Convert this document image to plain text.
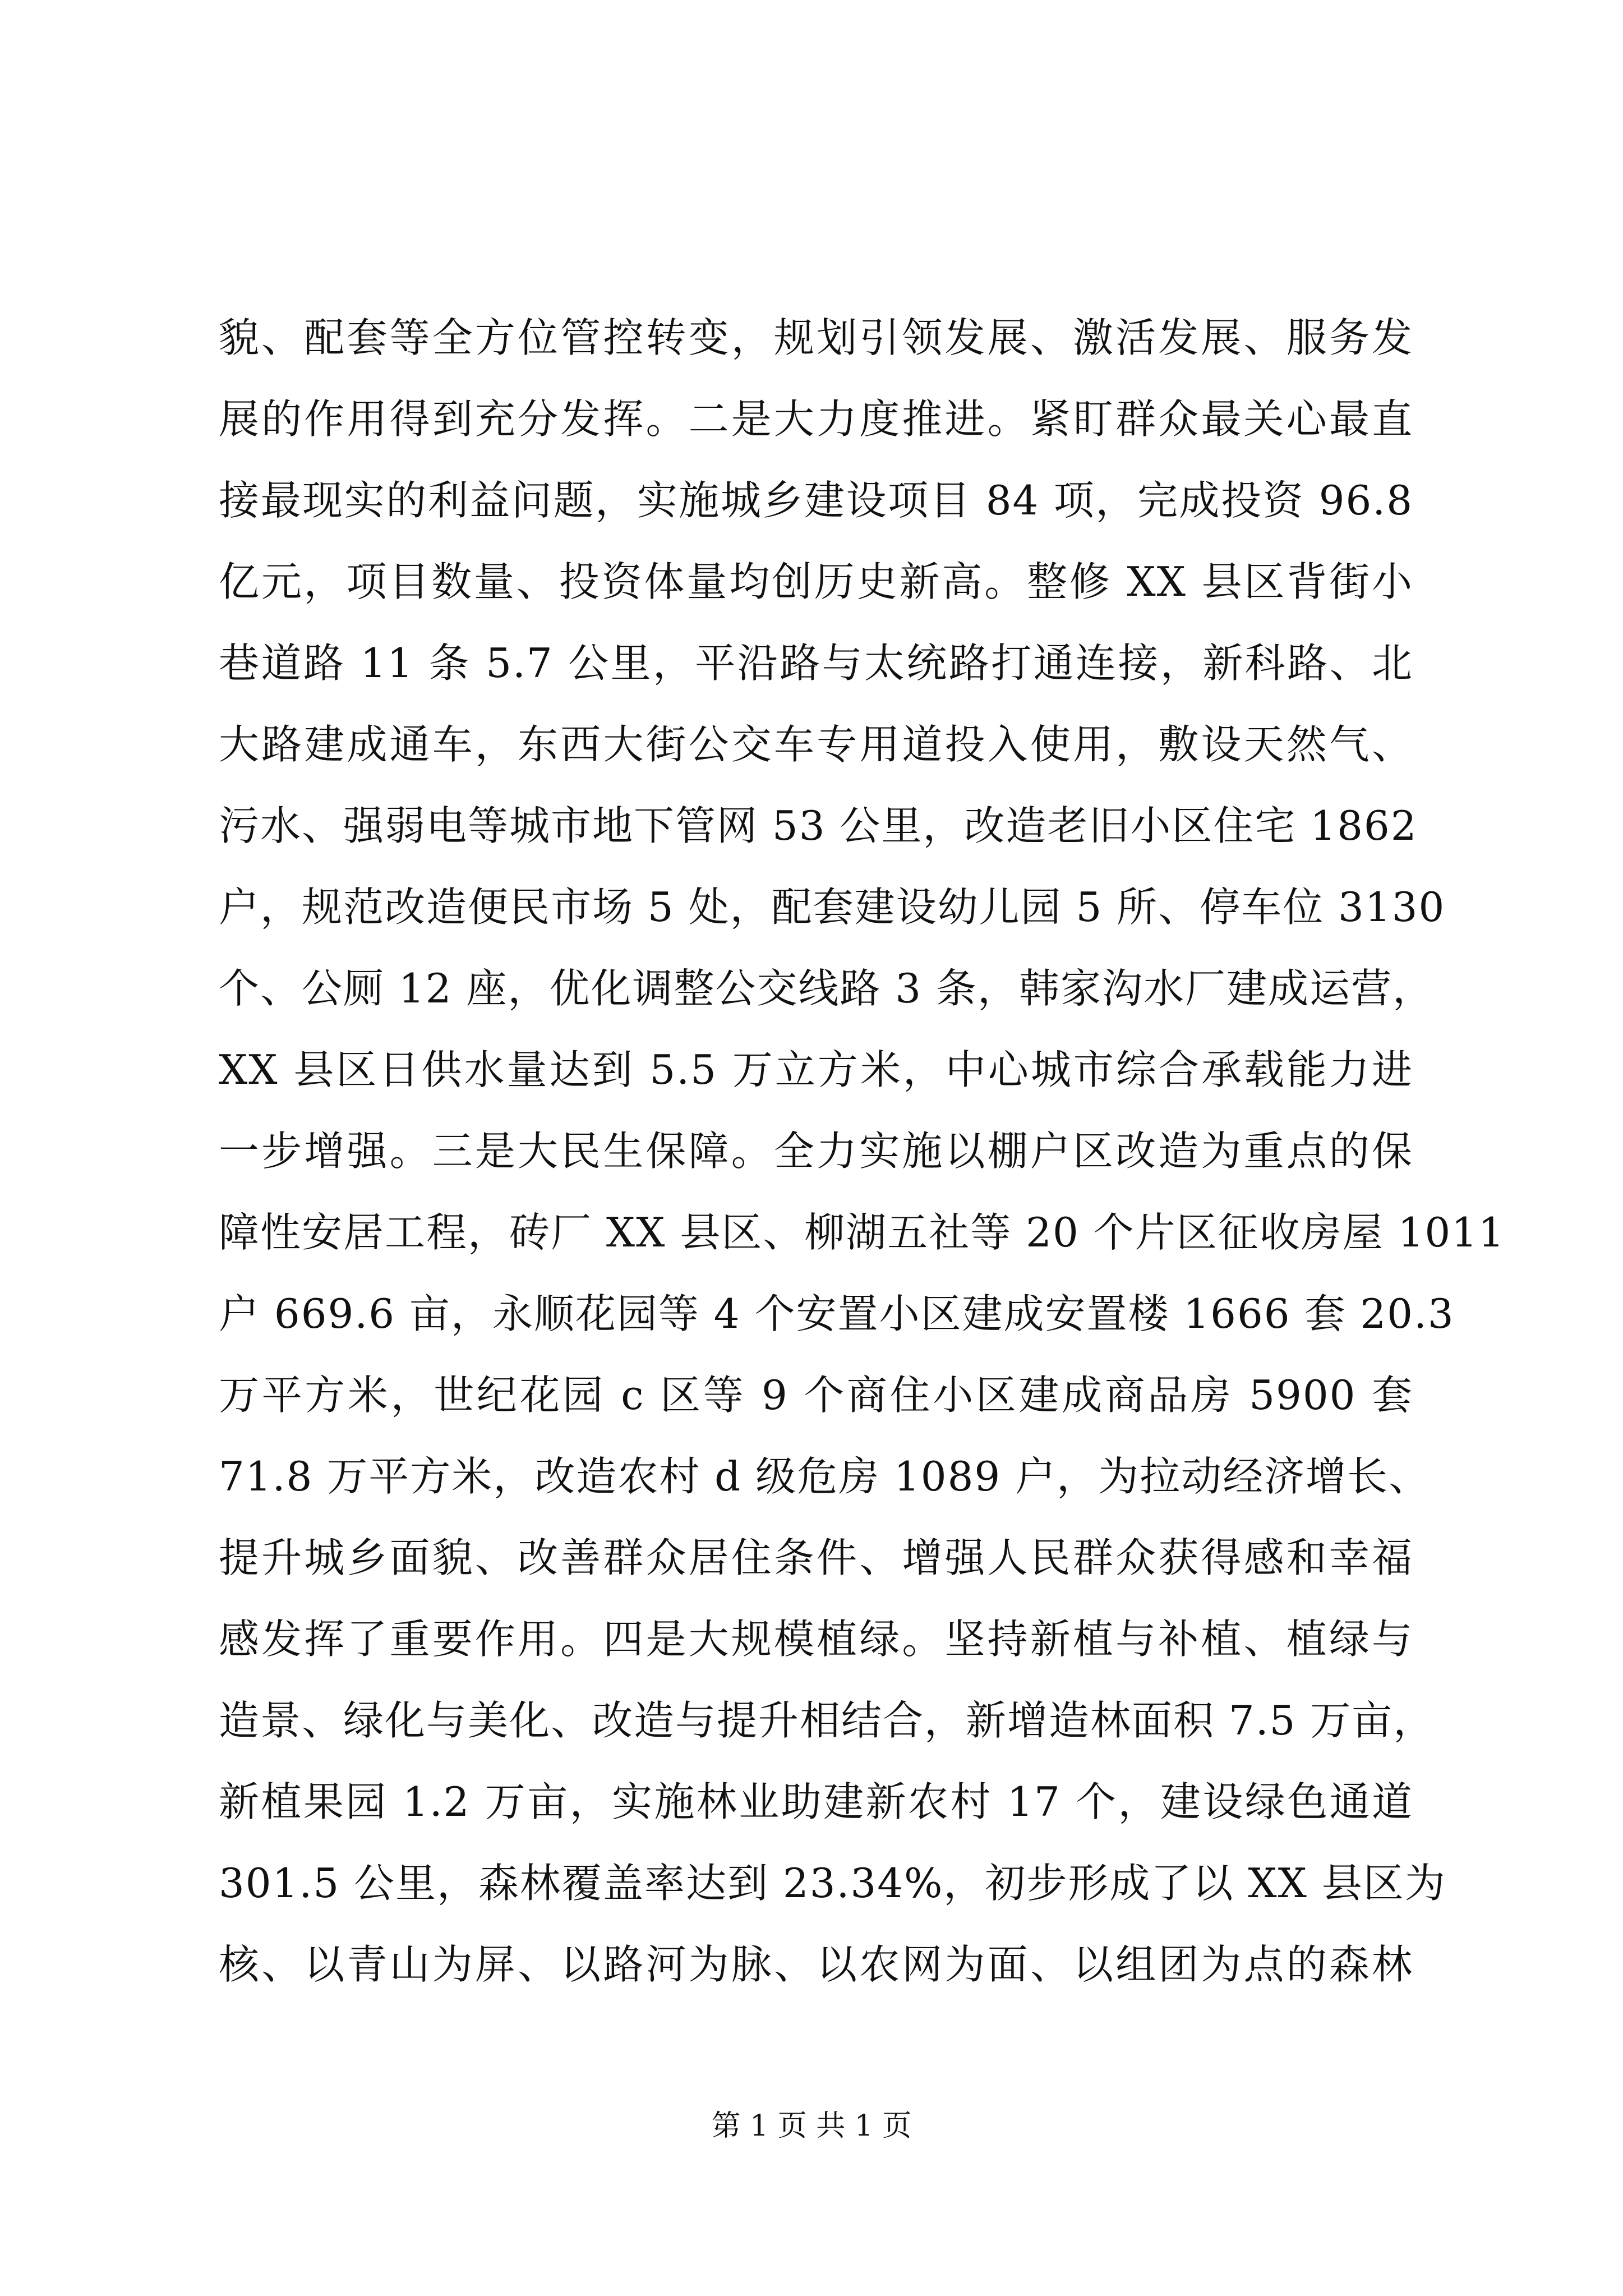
貌、配套等全方位管控转变，规划引领发展、激活发展、服务发
展的作用得到充分发挥。二是大力度推进。紧盯群众最关心最直
接最现实的利益问题，实施城乡建设项目 84 项，完成投资 96.8
亿元，项目数量、投资体量均创历史新高。整修 XX 县区背街小
巷道路 11 条 5.7 公里，平沿路与太统路打通连接，新科路、北
大路建成通车，东西大街公交车专用道投入使用，敷设天然气、
污水、强弱电等城市地下管网 53 公里，改造老旧小区住宅 1862
户，规范改造便民市场 5 处，配套建设幼儿园 5 所、停车位 3130
个、公厕 12 座，优化调整公交线路 3 条，韩家沟水厂建成运营，
XX 县区日供水量达到 5.5 万立方米，中心城市综合承载能力进
一步增强。三是大民生保障。全力实施以棚户区改造为重点的保
障性安居工程，砖厂 XX 县区、柳湖五社等 20 个片区征收房屋 1011
户 669.6 亩，永顺花园等 4 个安置小区建成安置楼 1666 套 20.3
万平方米，世纪花园 c 区等 9 个商住小区建成商品房 5900 套
71.8 万平方米，改造农村 d 级危房 1089 户，为拉动经济增长、
提升城乡面貌、改善群众居住条件、增强人民群众获得感和幸福
感发挥了重要作用。四是大规模植绿。坚持新植与补植、植绿与
造景、绿化与美化、改造与提升相结合，新增造林面积 7.5 万亩，
新植果园 1.2 万亩，实施林业助建新农村 17 个，建设绿色通道
301.5 公里，森林覆盖率达到 23.34%，初步形成了以 XX 县区为
核、以青山为屏、以路河为脉、以农网为面、以组团为点的森林
第 1 页 共 1 页
